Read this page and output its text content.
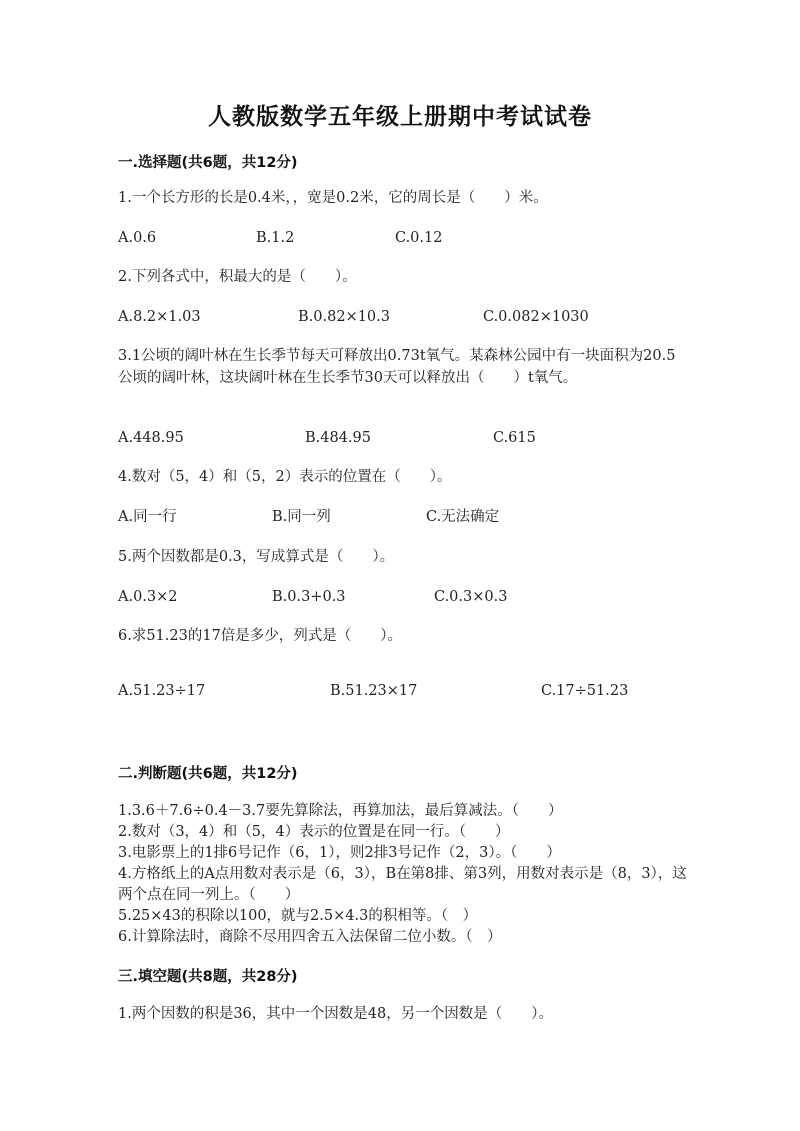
人教版数学五年级上册期中考试试卷
一.选择题(共6题，共12分)
1.一个长方形的长是0.4米，，宽是0.2米，它的周长是（　　）米。
A.0.6	B.1.2	C.0.12
2.下列各式中，积最大的是（　　）。
A.8.2×1.03	B.0.82×10.3	C.0.082×1030
3.1公顷的阔叶林在生长季节每天可释放出0.73t氧气。某森林公园中有一块面积为20.5公顷的阔叶林，这块阔叶林在生长季节30天可以释放出（　　）t氧气。
A.448.95	B.484.95	C.615
4.数对（5，4）和（5，2）表示的位置在（　　）。
A.同一行	B.同一列	C.无法确定
5.两个因数都是0.3，写成算式是（　　）。
A.0.3×2	B.0.3+0.3	C.0.3×0.3
6.求51.23的17倍是多少，列式是（　　）。
A.51.23÷17	B.51.23×17	C.17÷51.23
二.判断题(共6题，共12分)
1.3.6＋7.6÷0.4－3.7要先算除法，再算加法，最后算减法。（　　）
2.数对（3，4）和（5，4）表示的位置是在同一行。（　　）
3.电影票上的1排6号记作（6，1），则2排3号记作（2，3）。（　　）
4.方格纸上的A点用数对表示是（6，3），B在第8排、第3列，用数对表示是（8，3），这两个点在同一列上。（　　）
5.25×43的积除以100，就与2.5×4.3的积相等。（　）
6.计算除法时，商除不尽用四舍五入法保留二位小数。（　）
三.填空题(共8题，共28分)
1.两个因数的积是36，其中一个因数是48，另一个因数是（　　）。
